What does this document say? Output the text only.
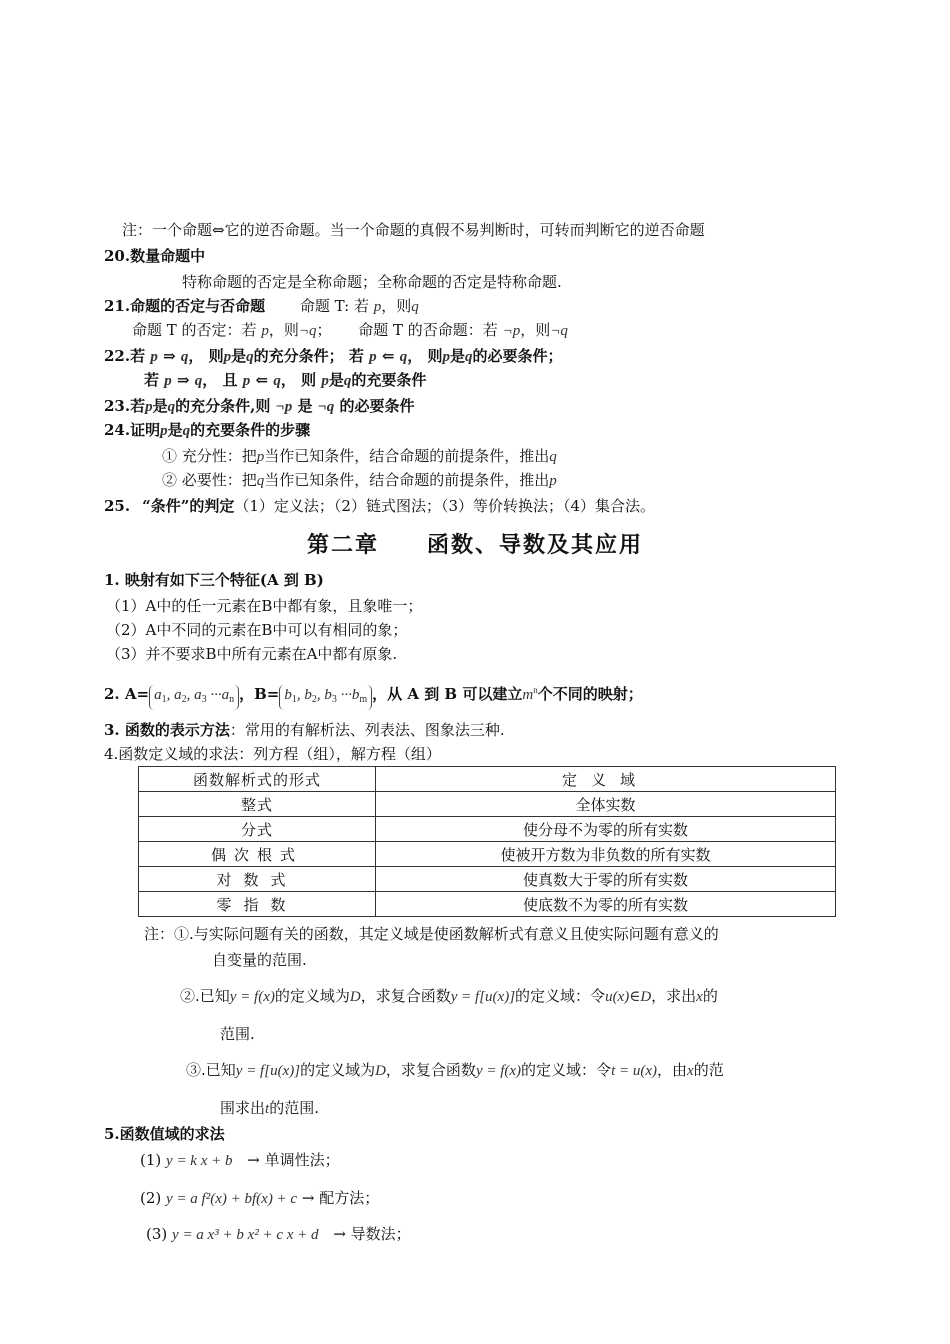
注：一个命题⇔它的逆否命题。当一个命题的真假不易判断时，可转而判断它的逆否命题
20.数量命题中
特称命题的否定是全称命题；全称命题的否定是特称命题.
21.命题的否定与否命题 命题 T: 若 p，则q
命题 T 的否定：若 p，则¬q； 命题 T 的否命题：若 ¬p，则¬q
22.若 p ⇒ q， 则p是q的充分条件； 若 p ⇐ q， 则p是q的必要条件；
若 p ⇒ q， 且 p ⇐ q， 则 p是q的充要条件
23.若p是q的充分条件,则 ¬p 是 ¬q 的必要条件
24.证明p是q的充要条件的步骤
① 充分性：把p当作已知条件，结合命题的前提条件，推出q
② 必要性：把q当作已知条件，结合命题的前提条件，推出p
25. “条件”的判定（1）定义法；（2）链式图法；（3）等价转换法；（4）集合法。
第二章　　函数、导数及其应用
1. 映射有如下三个特征(A 到 B)
（1）A中的任一元素在B中都有象，且象唯一；
（2）A中不同的元素在B中可以有相同的象；
（3）并不要求B中所有元素在A中都有原象.
2. $A= a_1$, $a_2$, $a_3 \cdot\cdot\cdot a_n$ ，$B= b_1$, $b_2$, $b_3 \cdot\cdot\cdot b_m$ ，从 A 到 B 可以建立$m^n$个不同的映射；
3. 函数的表示方法：常用的有解析法、列表法、图象法三种.
4.函数定义域的求法：列方程（组），解方程（组）
函数解析式的形式	定义域
整式	全体实数
分式	使分母不为零的所有实数
偶次根式	使被开方数为非负数的所有实数
对数式	使真数大于零的所有实数
零指数	使底数不为零的所有实数
注：①.与实际问题有关的函数，其定义域是使函数解析式有意义且使实际问题有意义的
自变量的范围.
②.已知y = f(x)的定义域为D，求复合函数y = f[u(x)]的定义域：令u(x)∈D，求出x的
范围.
③.已知y = f[u(x)]的定义域为D，求复合函数y = f(x)的定义域：令t = u(x)，由x的范
围求出t的范围.
5.函数值域的求法
(1) y = k x + b → 单调性法；
(2) y = a f²(x) + bf(x) + c → 配方法；
(3) y = a x³ + b x² + c x + d → 导数法；
